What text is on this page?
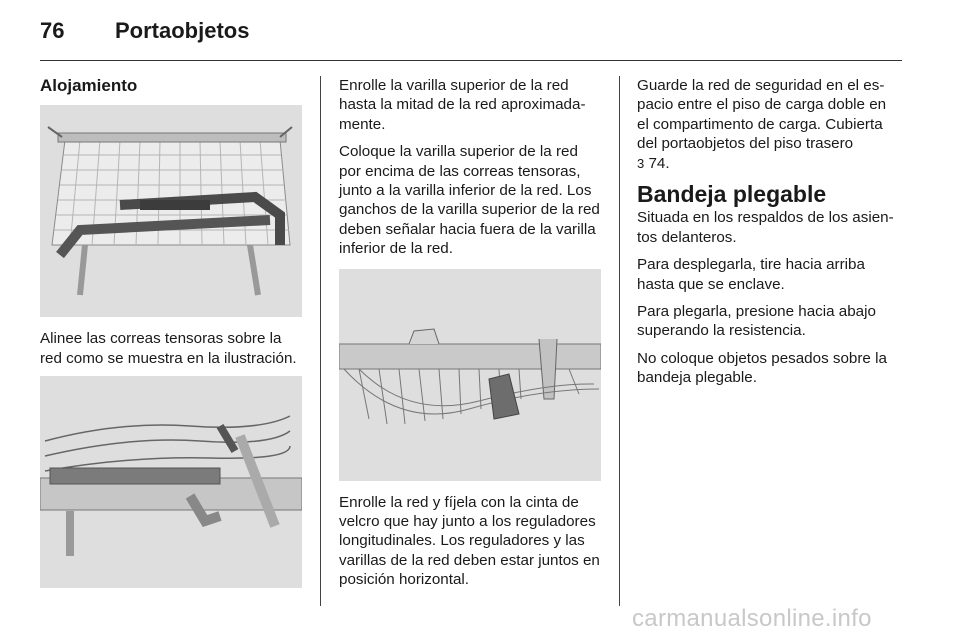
76 Portaobjetos
Alojamiento

Alinee las correas tensoras sobre la red como se muestra en la ilustración.

Enrolle la varilla superior de la red hasta la mitad de la red aproximada- mente.

Coloque la varilla superior de la red por encima de las correas tensoras, junto a la varilla inferior de la red. Los ganchos de la varilla superior de la red deben señalar hacia fuera de la varilla inferior de la red.

Enrolle la red y fíjela con la cinta de velcro que hay junto a los reguladores longitudinales. Los reguladores y las varillas de la red deben estar juntos en posición horizontal.

Guarde la red de seguridad en el es- pacio entre el piso de carga doble en el compartimento de carga. Cubierta del portaobjetos del piso trasero
3 74.

Bandeja plegable

Situada en los respaldos de los asien- tos delanteros.

Para desplegarla, tire hacia arriba hasta que se enclave.

Para plegarla, presione hacia abajo superando la resistencia.

No coloque objetos pesados sobre la bandeja plegable.

carmanualsonline.info
